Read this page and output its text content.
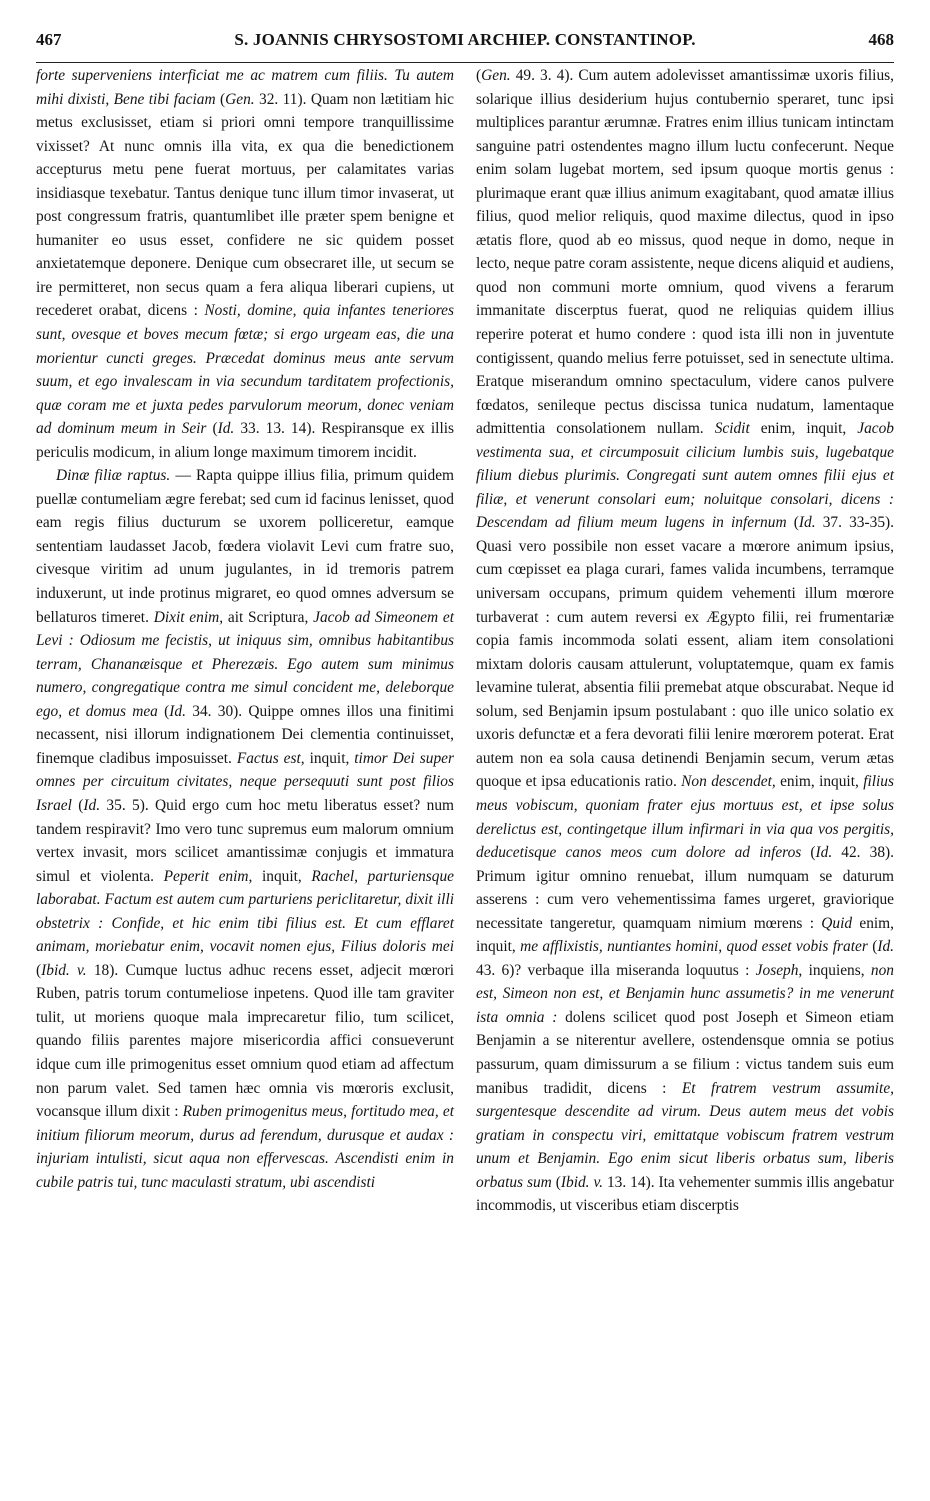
467	S. JOANNIS CHRYSOSTOMI ARCHIEP. CONSTANTINOP.	468

forte superveniens interficiat me ac matrem cum filiis. Tu autem mihi dixisti, Bene tibi faciam (Gen. 32. 11). Quam non lætitiam hic metus exclusisset, etiam si priori omni tempore tranquillissime vixisset? At nunc omnis illa vita, ex qua die benedictionem accepturus metu pene fuerat mortuus, per calamitates varias insidiasque texebatur. Tantus denique tunc illum timor invaserat, ut post congressum fratris, quantumlibet ille præter spem benigne et humaniter eo usus esset, confidere ne sic quidem posset anxietatemque deponere. Denique cum obsecraret ille, ut secum se ire permitteret, non secus quam a fera aliqua liberari cupiens, ut recederet orabat, dicens : Nosti, domine, quia infantes teneriores sunt, ovesque et boves mecum fœtæ; si ergo urgeam eas, die una morientur cuncti greges. Præcedat dominus meus ante servum suum, et ego invalescam in via secundum tarditatem profectionis, quæ coram me et juxta pedes parvulorum meorum, donec veniam ad dominum meum in Seir (Id. 33. 13. 14). Respiransque ex illis periculis modicum, in alium longe maximum timorem incidit.

Dinæ filiæ raptus. — Rapta quippe illius filia, primum quidem puellæ contumeliam ægre ferebat; sed cum id facinus lenisset, quod eam regis filius ducturum se uxorem pollicеretur, eamque sententiam laudasset Jacob, fœdera violavit Levi cum fratre suo, civesque viritim ad unum jugulantes, in id tremoris patrem induxerunt, ut inde protinus migraret, eo quod omnes adversum se bellaturos timeret. Dixit enim, ait Scriptura, Jacob ad Simeonem et Levi : Odiosum me fecistis, ut iniquus sim, omnibus habitantibus terram, Chananæisque et Pherezæis. Ego autem sum minimus numero, congregatique contra me simul concident me, deleborque ego, et domus mea (Id. 34. 30). Quippe omnes illos una finitimi necassent, nisi illorum indignationem Dei clementia continuisset, finemque cladibus imposuisset. Factus est, inquit, timor Dei super omnes per circuitum civitates, neque persequuti sunt post filios Israel (Id. 35. 5). Quid ergo cum hoc metu liberatus esset? num tandem respiravit? Imo vero tunc supremus eum malorum omnium vertex invasit, mors scilicet amantissimæ conjugis et immatura simul et violenta. Peperit enim, inquit, Rachel, parturiensque laborabat. Factum est autem cum parturiens periclitaretur, dixit illi obstetrix : Confide, et hic enim tibi filius est. Et cum efflaret animam, moriebatur enim, vocavit nomen ejus, Filius doloris mei (Ibid. v. 18). Cumque luctus adhuc recens esset, adjecit mœrori Ruben, patris torum contumeliose inpetens. Quod ille tam graviter tulit, ut moriens quoque mala imprecaretur filio, tum scilicet, quando filiis parentes majore misericordia affici consueverunt idque cum ille primogenitus esset omnium quod etiam ad affectum non parum valet. Sed tamen hæc omnia vis mœroris exclusit, vocansque illum dixit : Ruben primogenitus meus, fortitudo mea, et initium filiorum meorum, durus ad ferendum, durusque et audax : injuriam intulisti, sicut aqua non effervescas. Ascendisti enim in cubile patris tui, tunc maculasti stratum, ubi ascendisti

(Gen. 49. 3. 4). Cum autem adolevisset amantissimæ uxoris filius, solarique illius desiderium hujus contubernio sperаret, tunc ipsi multiplices parantur ærumnæ. Fratres enim illius tunicam intinctam sanguine patri ostendentes magno illum luctu confecerunt. Neque enim solam lugebat mortem, sed ipsum quoque mortis genus : plurimaque erant quæ illius animum exagitabant, quod amatæ illius filius, quod melior reliquis, quod maxime dilectus, quod in ipso ætatis flore, quod ab eo missus, quod neque in domo, neque in lecto, neque patre coram assistente, neque dicens aliquid et audiens, quod non communi morte omnium, quod vivens a ferarum immanitate discerptus fuerat, quod ne reliquias quidem illius reperire poterat et humo condere : quod ista illi non in juventute contigissent, quando melius ferre potuisset, sed in senectute ultima. Eratque miserandum omnino spectaculum, videre canos pulvere fœdatos, senileque pectus discissa tunica nudatum, lamentaque admittentia consolationem nullam. Scidit enim, inquit, Jacob vestimenta sua, et circumposuit cilicium lumbis suis, lugebatque filium diebus plurimis. Congregati sunt autem omnes filii ejus et filiæ, et venerunt consolari eum; noluitque consolari, dicens : Descendam ad filium meum lugens in infernum (Id. 37. 33-35). Quasi vero possibile non esset vacare a mœrore animum ipsius, cum cœpisset ea plaga curari, fames valida incumbens, terramque universam occupans, primum quidem vehementi illum mœrore turbaverat : cum autem reversi ex Ægypto filii, rei frumentariæ copia famis incommoda solati essent, aliam item consolationi mixtam doloris causam attulerunt, voluptatemque, quam ex famis levamine tulerat, absentia filii premebat atque obscurabat. Neque id solum, sed Benjamin ipsum postulabant : quo ille unico solatio ex uxoris defunctæ et a fera devorati filii lenire mœrorem poterat. Erat autem non ea sola causa detinendi Benjamin secum, verum ætas quoque et ipsa educationis ratio. Non descendet, enim, inquit, filius meus vobiscum, quoniam frater ejus mortuus est, et ipse solus derelictus est, contingetque illum infirmari in via qua vos pergitis, deducetisque canos meos cum dolore ad inferos (Id. 42. 38). Primum igitur omnino renuebat, illum numquam se daturum asserens : cum vero vehementissima fames urgeret, graviorique necessitate tangeretur, quamquam nimium mœrens : Quid enim, inquit, me afflixistis, nuntiantes homini, quod esset vobis frater (Id. 43. 6)? verbaque illa miseranda loquutus : Joseph, inquiens, non est, Simeon non est, et Benjamin hunc assumetis? in me venerunt ista omnia : dolens scilicet quod post Joseph et Simeon etiam Benjamin a se niterentur avellere, ostendensque omnia se potius passurum, quam dimissurum a se filium : victus tandem suis eum manibus tradidit, dicens : Et fratrem vestrum assumite, surgentesque descendite ad virum. Deus autem meus det vobis gratiam in conspectu viri, emittatque vobiscum fratrem vestrum unum et Benjamin. Ego enim sicut liberis orbatus sum, liberis orbatus sum (Ibid. v. 13. 14). Ita vehementer summis illis angebatur incommodis, ut visceribus etiam discerptis
